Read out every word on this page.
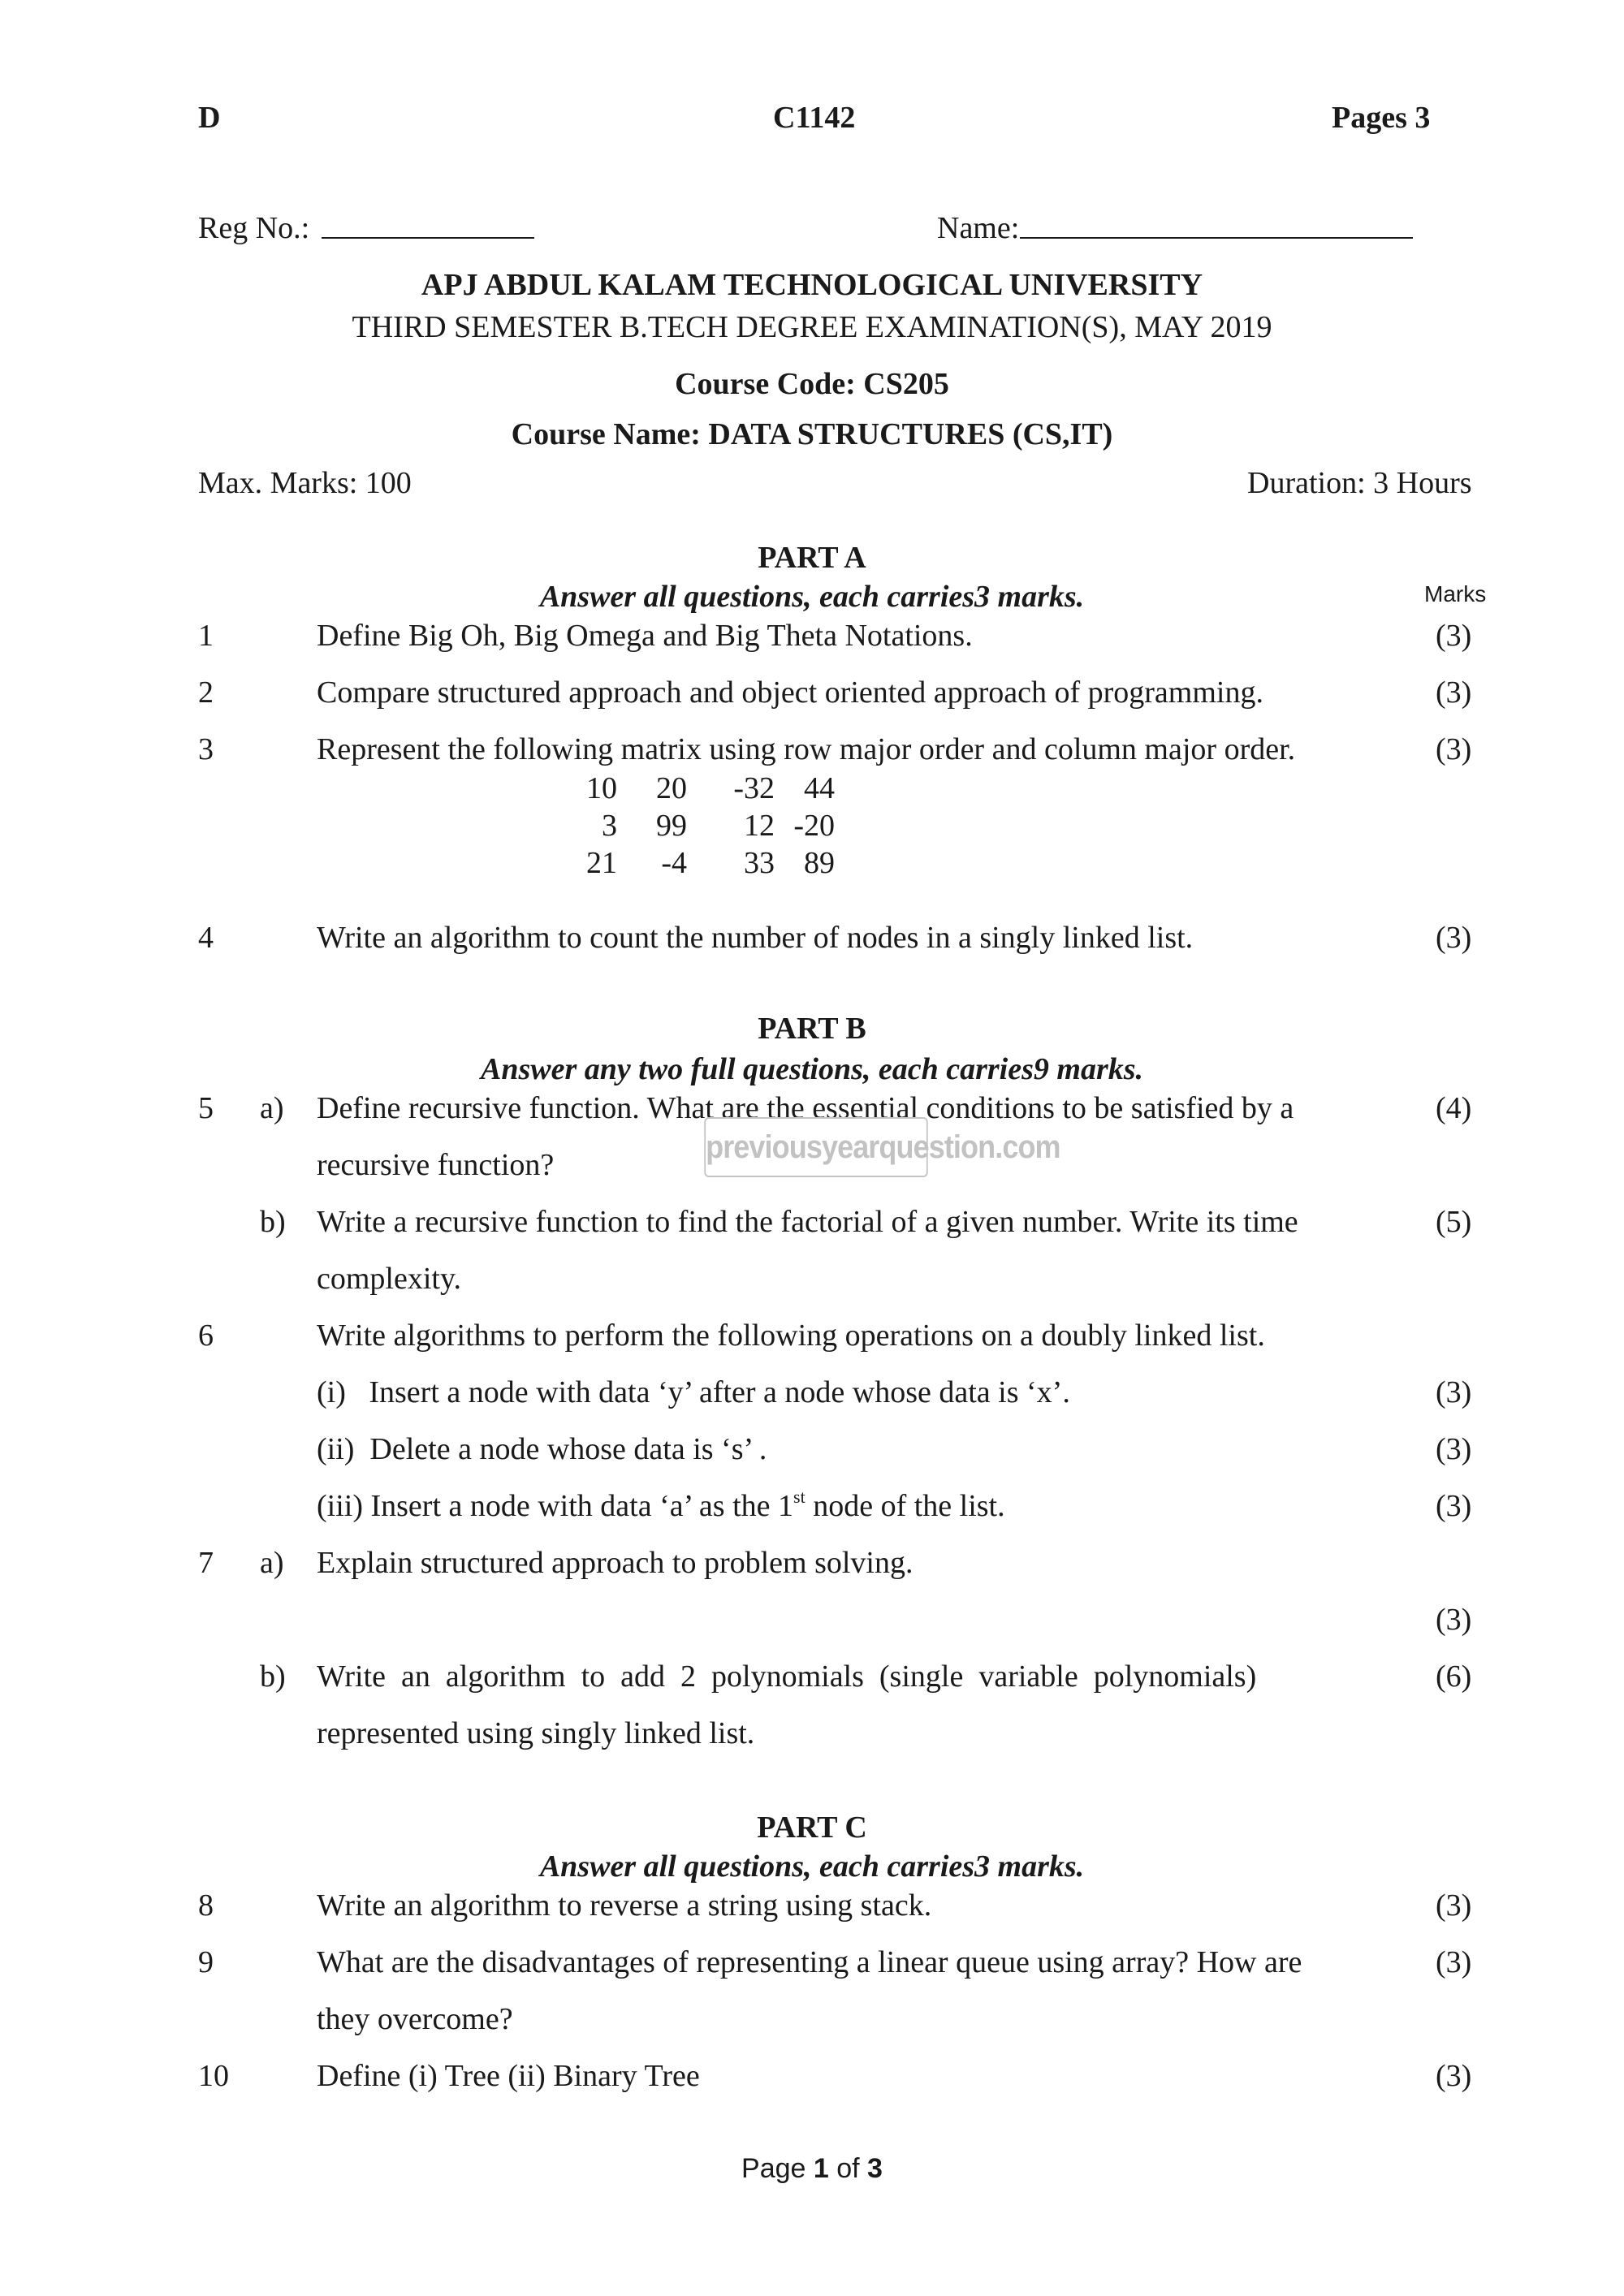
D	C1142	Pages 3
Reg No.:	Name:
APJ ABDUL KALAM TECHNOLOGICAL UNIVERSITY
THIRD SEMESTER B.TECH DEGREE EXAMINATION(S), MAY 2019
Course Code: CS205
Course Name: DATA STRUCTURES (CS,IT)
Max. Marks: 100	Duration: 3 Hours
PART A
Answer all questions, each carries3 marks.	Marks
1	Define Big Oh, Big Omega and Big Theta Notations.	(3)
2	Compare structured approach and object oriented approach of programming.	(3)
3	Represent the following matrix using row major order and column major order.	(3)
10	20	-32 44
3	99	12 -20
21	-4	33 89
4	Write an algorithm to count the number of nodes in a singly linked list.	(3)
PART B
Answer any two full questions, each carries9 marks.
5 a) Define recursive function. What are the essential conditions to be satisfied by a	(4)
recursive function?	previousyearquestion.com
b) Write a recursive function to find the factorial of a given number. Write its time	(5)
complexity.
6	Write algorithms to perform the following operations on a doubly linked list.
(i)   Insert a node with data ‘y’ after a node whose data is ‘x’.	(3)
(ii)  Delete a node whose data is ‘s’ .	(3)
(iii) Insert a node with data ‘a’ as the 1st node of the list.	(3)
7 a) Explain structured approach to problem solving.
(3)
b) Write  an  algorithm  to  add  2  polynomials  (single  variable  polynomials)	(6)
represented using singly linked list.
PART C
Answer all questions, each carries3 marks.
8	Write an algorithm to reverse a string using stack.	(3)
9	What are the disadvantages of representing a linear queue using array? How are	(3)
they overcome?
10	Define (i) Tree (ii) Binary Tree	(3)
Page 1 of 3
